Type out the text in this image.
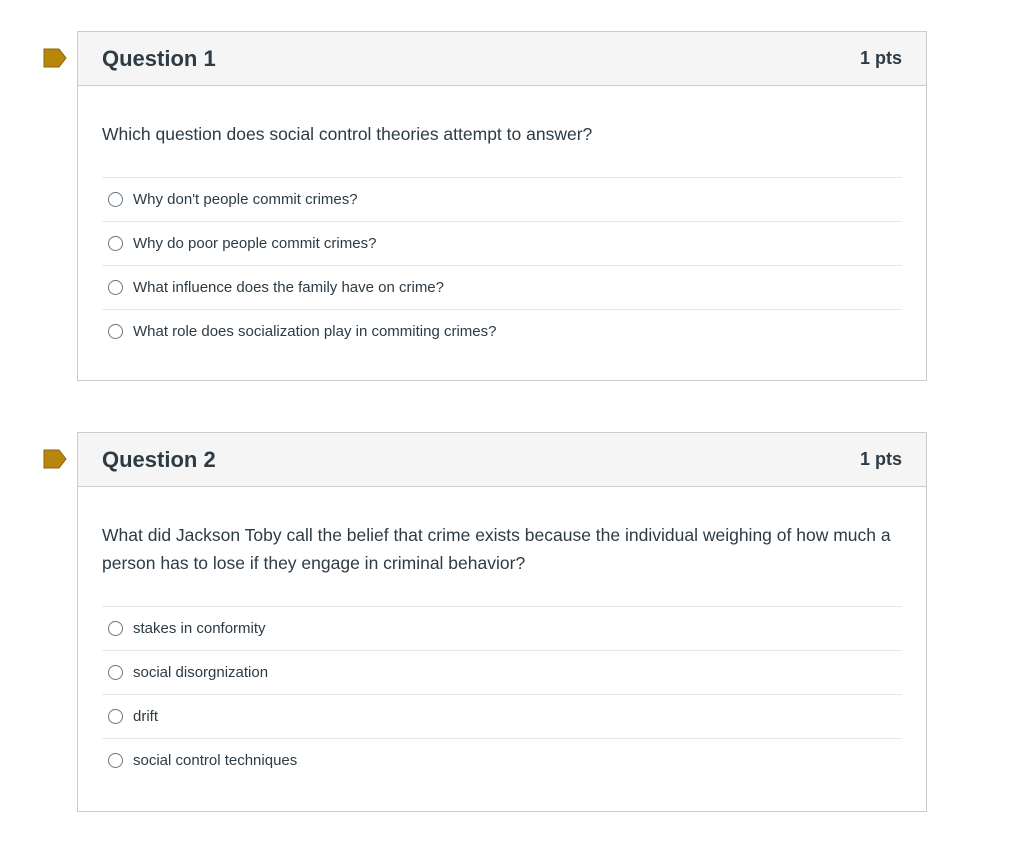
Question 1	1 pts

Which question does social control theories attempt to answer?

Why don't people commit crimes?
Why do poor people commit crimes?
What influence does the family have on crime?
What role does socialization play in commiting crimes?
Question 2	1 pts

What did Jackson Toby call the belief that crime exists because the individual weighing of how much a person has to lose if they engage in criminal behavior?

stakes in conformity
social disorgnization
drift
social control techniques
